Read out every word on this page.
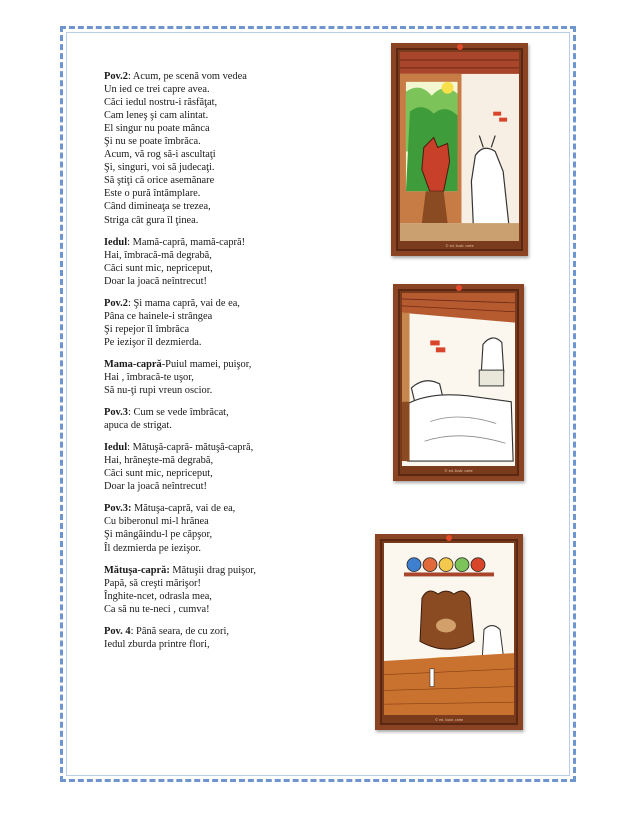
Pov.2: Acum, pe scenă vom vedea
Un ied ce trei capre avea.
Căci iedul nostru-i răsfăţat,
Cam leneş şi cam alintat.
El singur nu poate mânca
Şi nu se poate îmbrăca.
Acum, vă rog să-i ascultaţi
Şi, singuri, voi să judecaţi.
Să ştiţi că orice asemănare
Este o pură întâmplare.
Când dimineaţa se trezea,
Striga cât gura îl ţinea.
Iedul: Mamă-capră, mamă-capră!
Hai, îmbracă-mă degrabă,
Căci sunt mic, nepriceput,
Doar la joacă neîntrecut!
Pov.2: Şi mama capră, vai de ea,
Pâna ce hainele-i strângea
Şi repejor îl îmbrăca
Pe iezişor îl dezmierda.
Mama-capră-Puiul mamei, puişor,
Hai , îmbracă-te uşor,
Să nu-ţi rupi vreun oscior.
Pov.3: Cum se vede îmbrăcat,
apuca de strigat.
Iedul: Mătuşă-capră- mătuşă-capră,
Hai, hrăneşte-mă degrabă,
Căci sunt mic, nepriceput,
Doar la joacă neîntrecut!
Pov.3: Mătuşa-capră, vai de ea,
Cu biberonul mi-l hrănea
Şi mângâindu-l pe căpşor,
Îl dezmierda pe iezişor.
Mătuşa-capră: Mătuşii drag puişor,
Papă, să creşti mărişor!
Înghite-ncet, odrasla mea,
Ca să nu te-neci , cumva!
Pov. 4: Până seara, de cu zori,
Iedul zburda printre flori,
© ed. ilustr. carte
© ed. ilustr. carte
© ed. ilustr. carte
